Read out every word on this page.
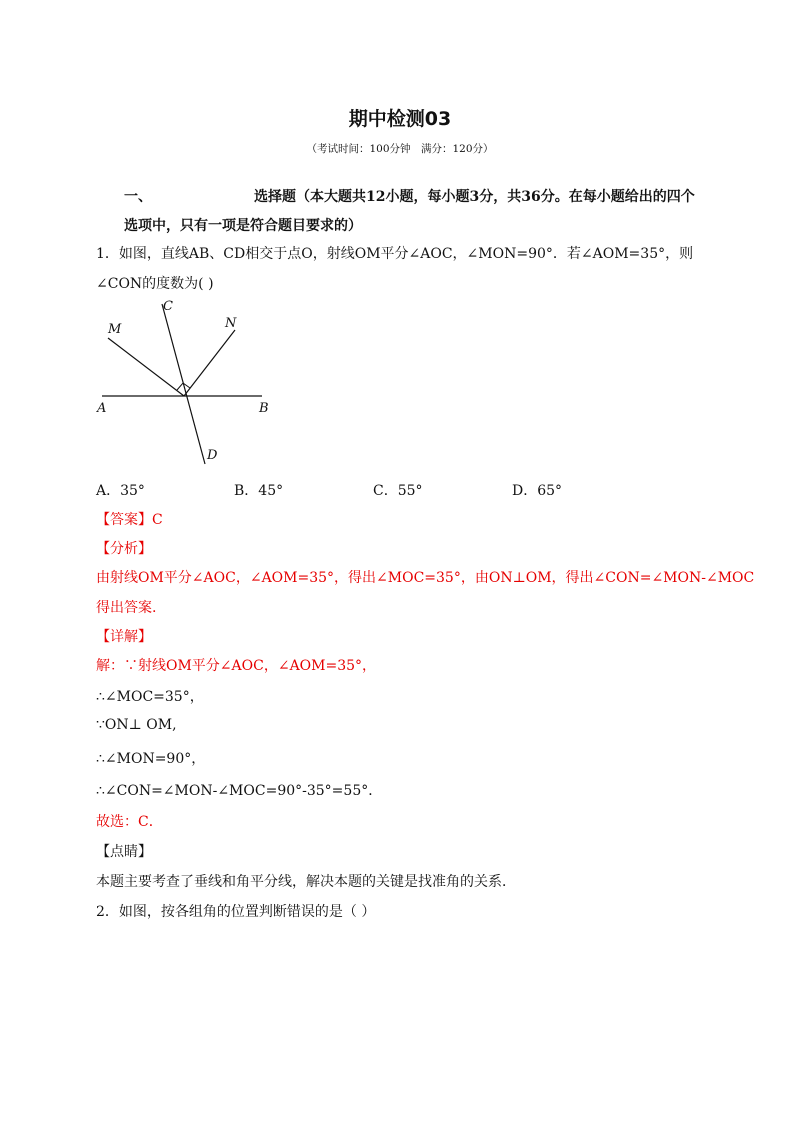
期中检测03
（考试时间：100分钟　满分：120分）
一、	选择题（本大题共12小题，每小题3分，共36分。在每小题给出的四个
选项中，只有一项是符合题目要求的）
1．如图，直线AB、CD相交于点O，射线OM平分∠AOC，∠MON=90°．若∠AOM=35°，则
∠CON的度数为( )
M
C
N
A	B
D
A．35°	B．45°	C．55°	D．65°
【答案】C
【分析】
由射线OM平分∠AOC，∠AOM=35°，得出∠MOC=35°，由ON⊥OM，得出∠CON=∠MON-∠MOC
得出答案.
【详解】
解：∵射线OM平分∠AOC，∠AOM=35°，
∴∠MOC=35°，
∵ON⊥ OM,
∴∠MON=90°，
∴∠CON=∠MON-∠MOC=90°-35°=55°．
故选：C．
【点睛】
本题主要考查了垂线和角平分线，解决本题的关键是找准角的关系．
2．如图，按各组角的位置判断错误的是（ ）
